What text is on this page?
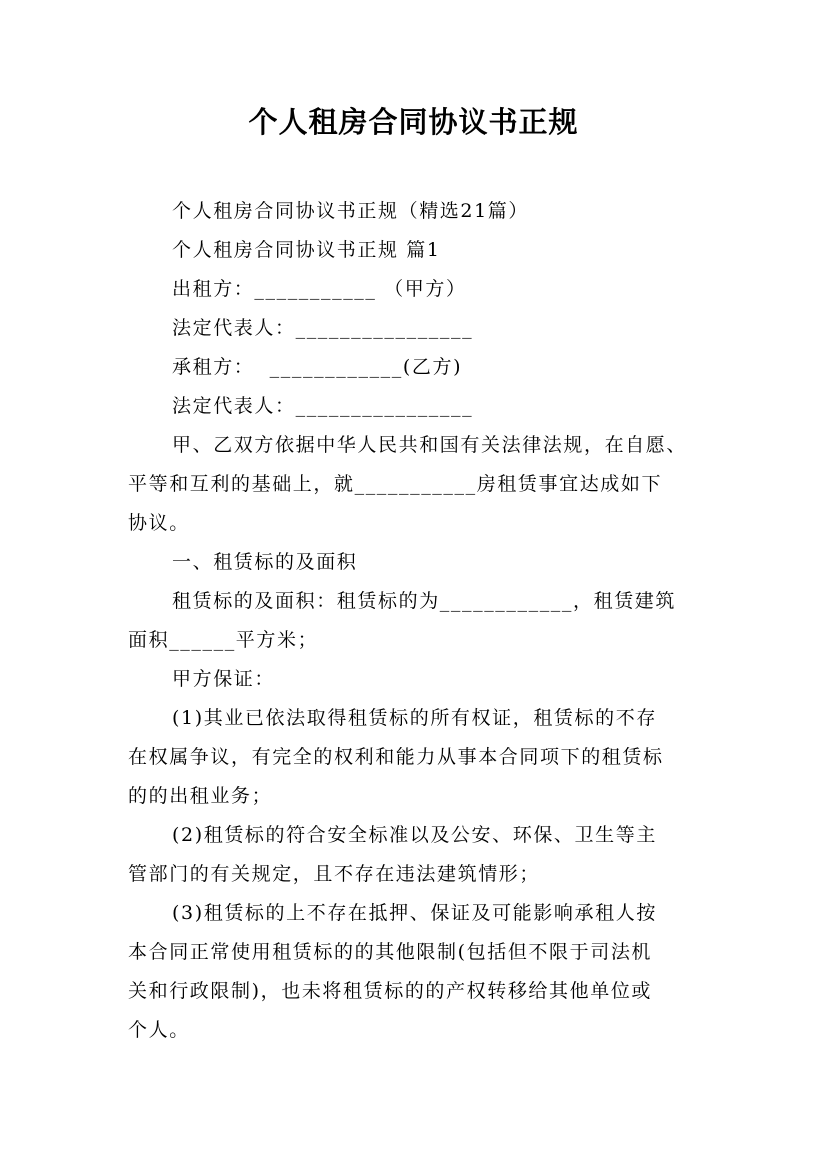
个人租房合同协议书正规
个人租房合同协议书正规（精选21篇）
个人租房合同协议书正规 篇1
出租方：___________ （甲方）
法定代表人：________________
承租方：  ____________(乙方)
法定代表人：________________
甲、乙双方依据中华人民共和国有关法律法规，在自愿、
平等和互利的基础上，就___________房租赁事宜达成如下
协议。
一、租赁标的及面积
租赁标的及面积：租赁标的为____________，租赁建筑
面积______平方米；
甲方保证：
(1)其业已依法取得租赁标的所有权证，租赁标的不存
在权属争议，有完全的权利和能力从事本合同项下的租赁标
的的出租业务；
(2)租赁标的符合安全标准以及公安、环保、卫生等主
管部门的有关规定，且不存在违法建筑情形；
(3)租赁标的上不存在抵押、保证及可能影响承租人按
本合同正常使用租赁标的的其他限制(包括但不限于司法机
关和行政限制)，也未将租赁标的的产权转移给其他单位或
个人。
